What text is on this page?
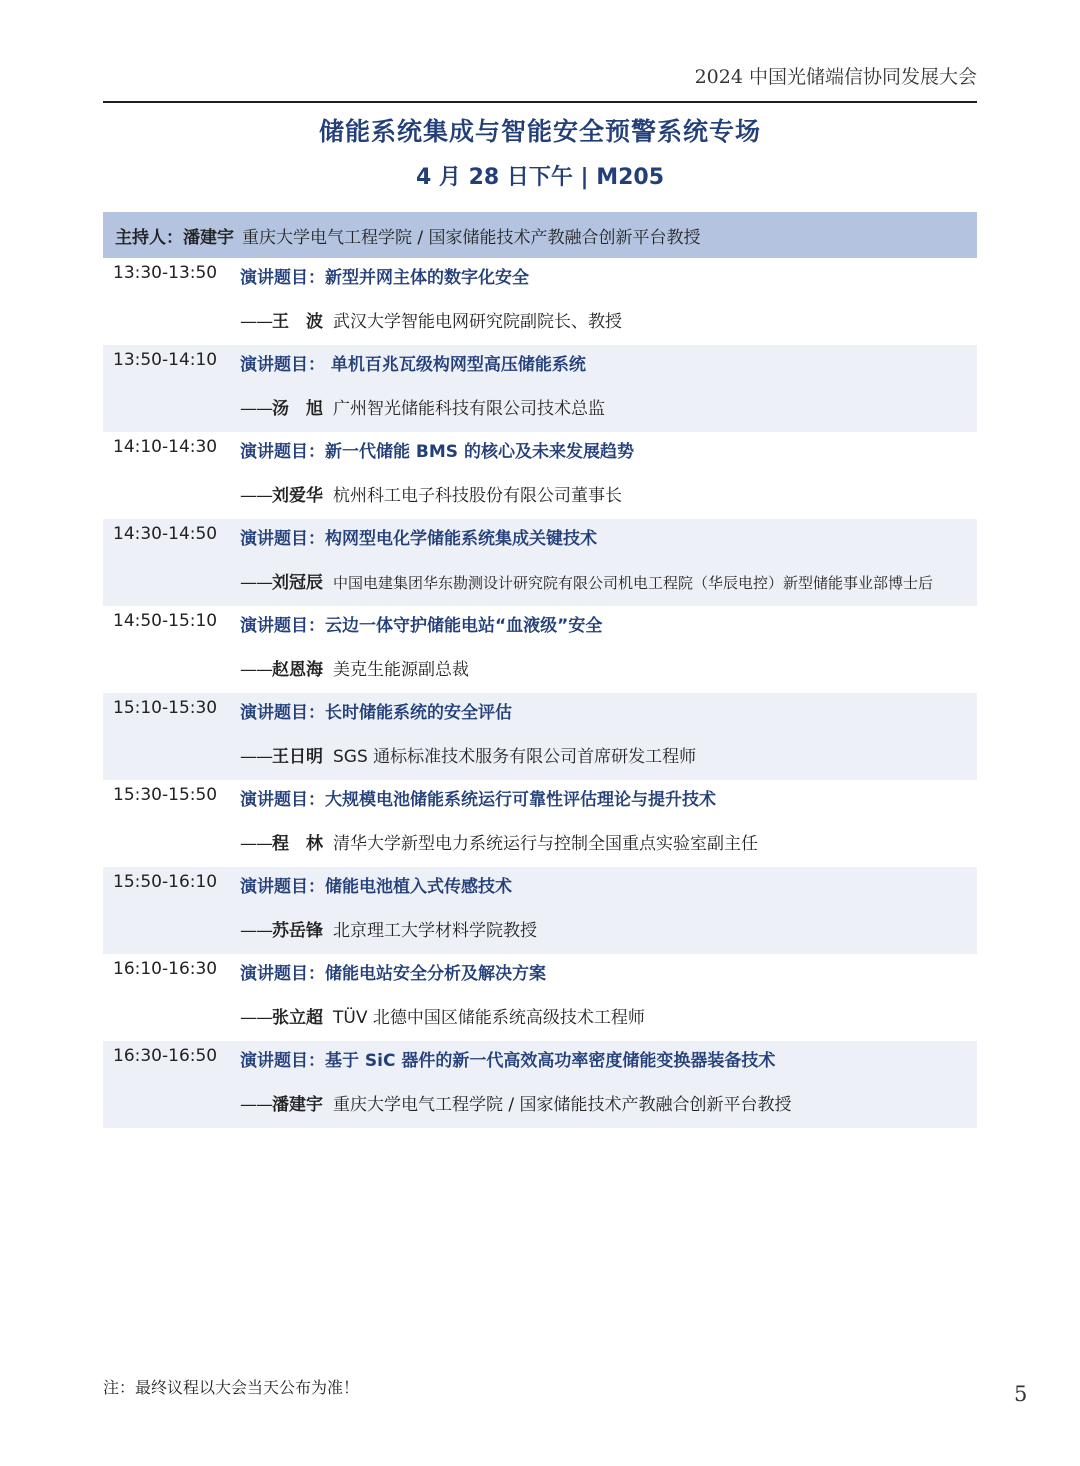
2024 中国光储端信协同发展大会
储能系统集成与智能安全预警系统专场
4 月 28 日下午 | M205
主持人： 潘建宇 重庆大学电气工程学院 / 国家储能技术产教融合创新平台教授
13:30-13:50 演讲题目：新型并网主体的数字化安全
——王　波 武汉大学智能电网研究院副院长、教授
13:50-14:10 演讲题目： 单机百兆瓦级构网型高压储能系统
——汤　旭 广州智光储能科技有限公司技术总监
14:10-14:30 演讲题目：新一代储能 BMS 的核心及未来发展趋势
——刘爱华 杭州科工电子科技股份有限公司董事长
14:30-14:50 演讲题目：构网型电化学储能系统集成关键技术
——刘冠辰 中国电建集团华东勘测设计研究院有限公司机电工程院（华辰电控）新型储能事业部博士后
14:50-15:10 演讲题目：云边一体守护储能电站“血液级”安全
——赵恩海 美克生能源副总裁
15:10-15:30 演讲题目：长时储能系统的安全评估
——王日明 SGS 通标标准技术服务有限公司首席研发工程师
15:30-15:50 演讲题目：大规模电池储能系统运行可靠性评估理论与提升技术
——程　林 清华大学新型电力系统运行与控制全国重点实验室副主任
15:50-16:10 演讲题目：储能电池植入式传感技术
——苏岳锋 北京理工大学材料学院教授
16:10-16:30 演讲题目：储能电站安全分析及解决方案
——张立超 TÜV 北德中国区储能系统高级技术工程师
16:30-16:50 演讲题目：基于 SiC 器件的新一代高效高功率密度储能变换器装备技术
——潘建宇 重庆大学电气工程学院 / 国家储能技术产教融合创新平台教授
注：最终议程以大会当天公布为准！	5
